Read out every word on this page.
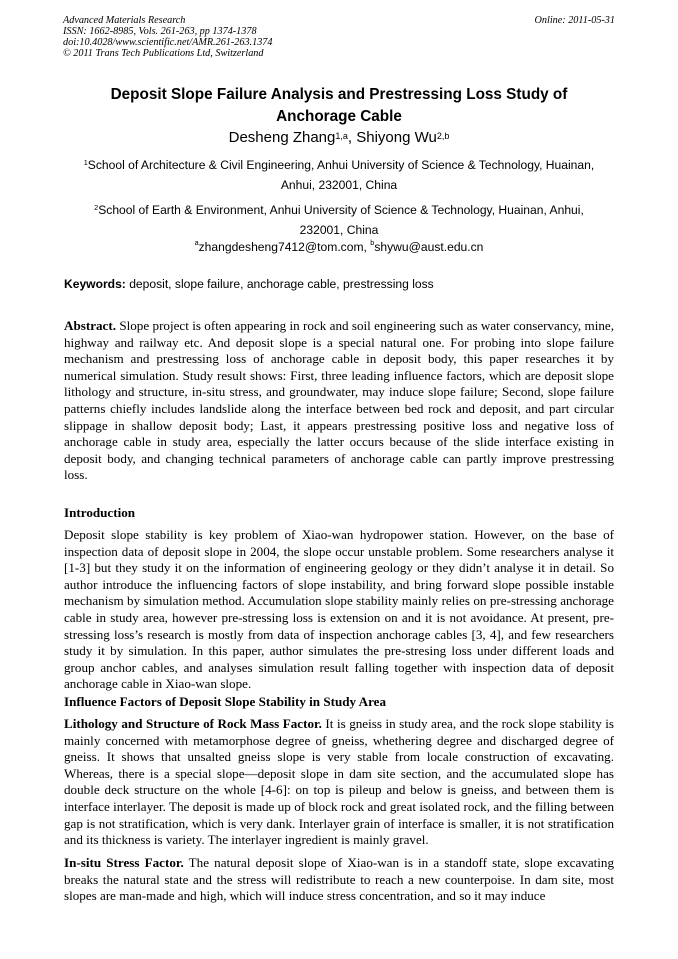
Advanced Materials Research
ISSN: 1662-8985, Vols. 261-263, pp 1374-1378
doi:10.4028/www.scientific.net/AMR.261-263.1374
© 2011 Trans Tech Publications Ltd, Switzerland
Online: 2011-05-31
Deposit Slope Failure Analysis and Prestressing Loss Study of
Anchorage Cable
Desheng Zhang$^{1,a}$, Shiyong Wu$^{2,b}$
$^1$School of Architecture & Civil Engineering, Anhui University of Science & Technology, Huainan,
Anhui, 232001, China
$^2$School of Earth & Environment, Anhui University of Science & Technology, Huainan, Anhui,
232001, China
$^a$zhangdesheng7412@tom.com, $^b$shywu@aust.edu.cn
Keywords: deposit, slope failure, anchorage cable, prestressing loss
Abstract. Slope project is often appearing in rock and soil engineering such as water conservancy, mine, highway and railway etc. And deposit slope is a special natural one. For probing into slope failure mechanism and prestressing loss of anchorage cable in deposit body, this paper researches it by numerical simulation. Study result shows: First, three leading influence factors, which are deposit slope lithology and structure, in-situ stress, and groundwater, may induce slope failure; Second, slope failure patterns chiefly includes landslide along the interface between bed rock and deposit, and part circular slippage in shallow deposit body; Last, it appears prestressing positive loss and negative loss of anchorage cable in study area, especially the latter occurs because of the slide interface existing in deposit body, and changing technical parameters of anchorage cable can partly improve prestressing loss.
Introduction
Deposit slope stability is key problem of Xiao-wan hydropower station. However, on the base of inspection data of deposit slope in 2004, the slope occur unstable problem. Some researchers analyse it [1-3] but they study it on the information of engineering geology or they didn’t analyse it in detail. So author introduce the influencing factors of slope instability, and bring forward slope possible instable mechanism by simulation method. Accumulation slope stability mainly relies on pre-stressing anchorage cable in study area, however pre-stressing loss is extension on and it is not avoidance. At present, pre-stressing loss’s research is mostly from data of inspection anchorage cables [3, 4], and few researchers study it by simulation. In this paper, author simulates the pre-stresing loss under different loads and group anchor cables, and analyses simulation result falling together with inspection data of deposit anchorage cable in Xiao-wan slope.
Influence Factors of Deposit Slope Stability in Study Area
Lithology and Structure of Rock Mass Factor. It is gneiss in study area, and the rock slope stability is mainly concerned with metamorphose degree of gneiss, whethering degree and discharged degree of gneiss. It shows that unsalted gneiss slope is very stable from locale construction of excavating. Whereas, there is a special slope—deposit slope in dam site section, and the accumulated slope has double deck structure on the whole [4-6]: on top is pileup and below is gneiss, and between them is interface interlayer. The deposit is made up of block rock and great isolated rock, and the filling between gap is not stratification, which is very dank. Interlayer grain of interface is smaller, it is not stratification and its thickness is variety. The interlayer ingredient is mainly gravel.
In-situ Stress Factor. The natural deposit slope of Xiao-wan is in a standoff state, slope excavating breaks the natural state and the stress will redistribute to reach a new counterpoise. In dam site, most slopes are man-made and high, which will induce stress concentration, and so it may induce
